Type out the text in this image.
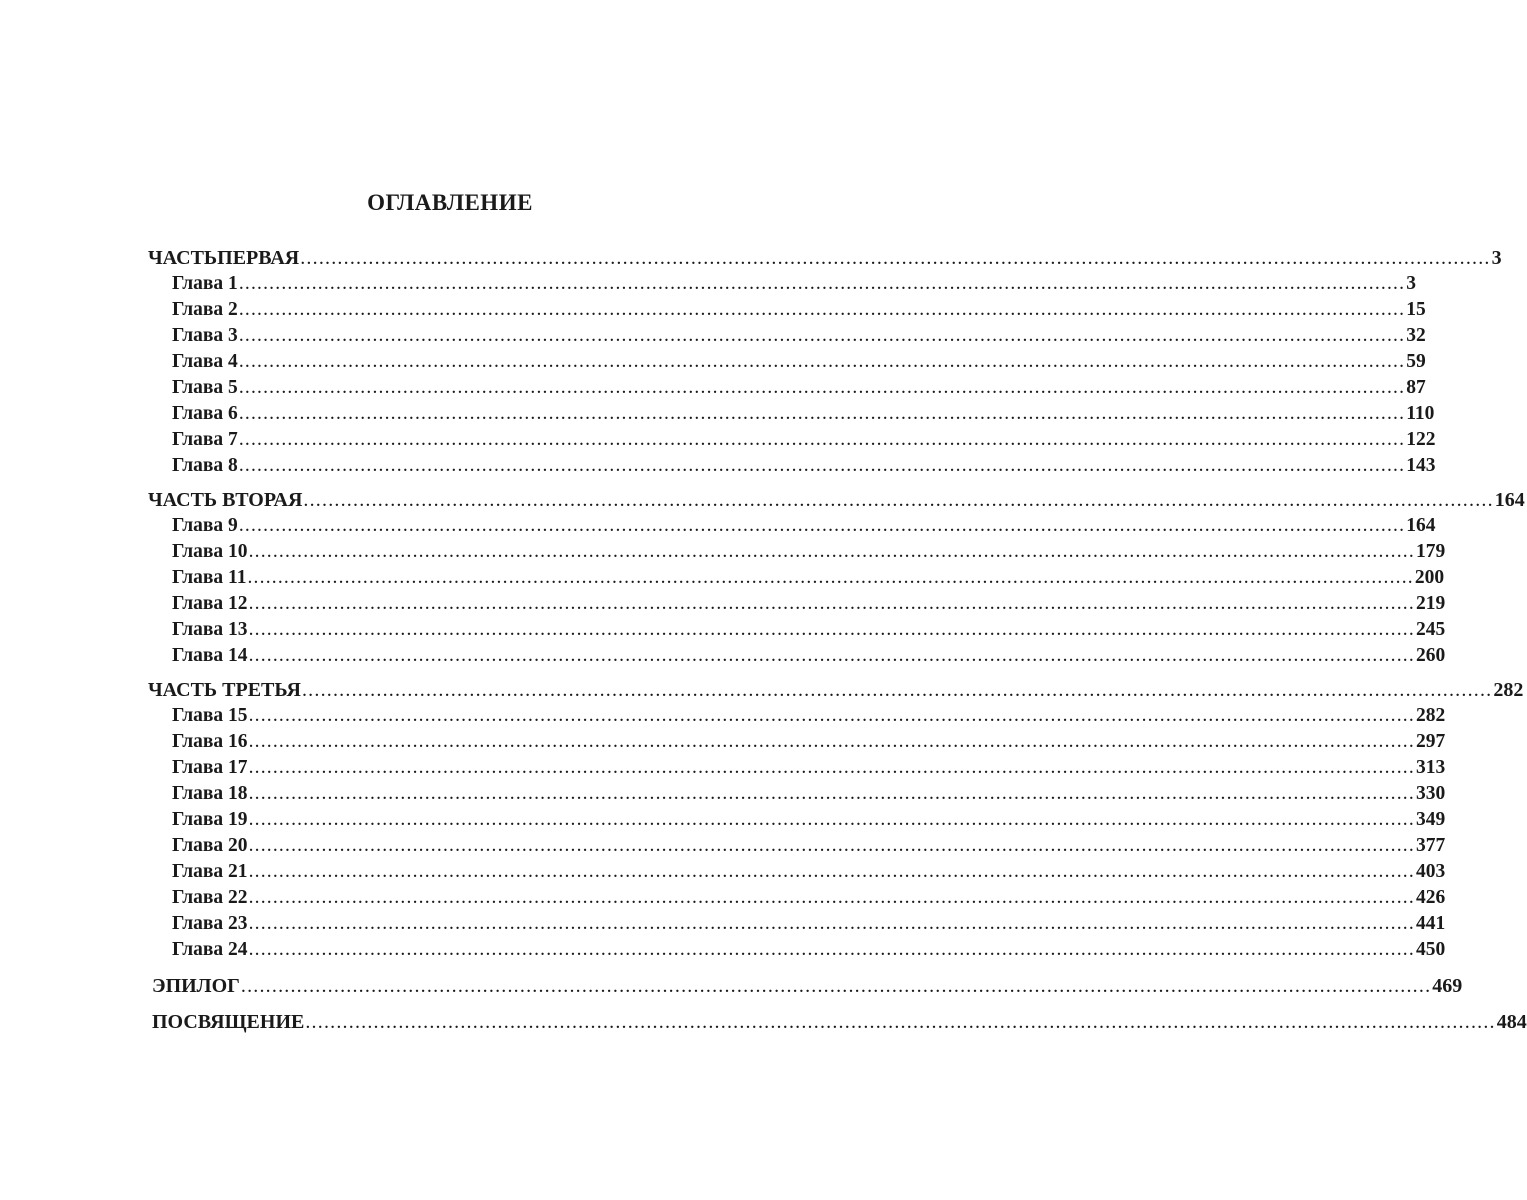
ОГЛАВЛЕНИЕ
ЧАСТЬПЕРВАЯ ................................................................................................................................................................................................ 3
Глава 1 ................................................................................................................................................................................................ 3
Глава 2 ................................................................................................................................................................................................ 15
Глава 3 ................................................................................................................................................................................................ 32
Глава 4 ................................................................................................................................................................................................ 59
Глава 5 ................................................................................................................................................................................................ 87
Глава 6 ................................................................................................................................................................................................ 110
Глава 7 ................................................................................................................................................................................................ 122
Глава 8 ................................................................................................................................................................................................ 143
ЧАСТЬ ВТОРАЯ ................................................................................................................................................................................................ 164
Глава 9 ................................................................................................................................................................................................ 164
Глава 10 ................................................................................................................................................................................................ 179
Глава 11 ................................................................................................................................................................................................ 200
Глава 12 ................................................................................................................................................................................................ 219
Глава 13 ................................................................................................................................................................................................ 245
Глава 14 ................................................................................................................................................................................................ 260
ЧАСТЬ ТРЕТЬЯ ................................................................................................................................................................................................ 282
Глава 15 ................................................................................................................................................................................................ 282
Глава 16 ................................................................................................................................................................................................ 297
Глава 17 ................................................................................................................................................................................................ 313
Глава 18 ................................................................................................................................................................................................ 330
Глава 19 ................................................................................................................................................................................................ 349
Глава 20 ................................................................................................................................................................................................ 377
Глава 21 ................................................................................................................................................................................................ 403
Глава 22 ................................................................................................................................................................................................ 426
Глава 23 ................................................................................................................................................................................................ 441
Глава 24 ................................................................................................................................................................................................ 450
ЭПИЛОГ ................................................................................................................................................................................................ 469
ПОСВЯЩЕНИЕ ................................................................................................................................................................................................ 484
